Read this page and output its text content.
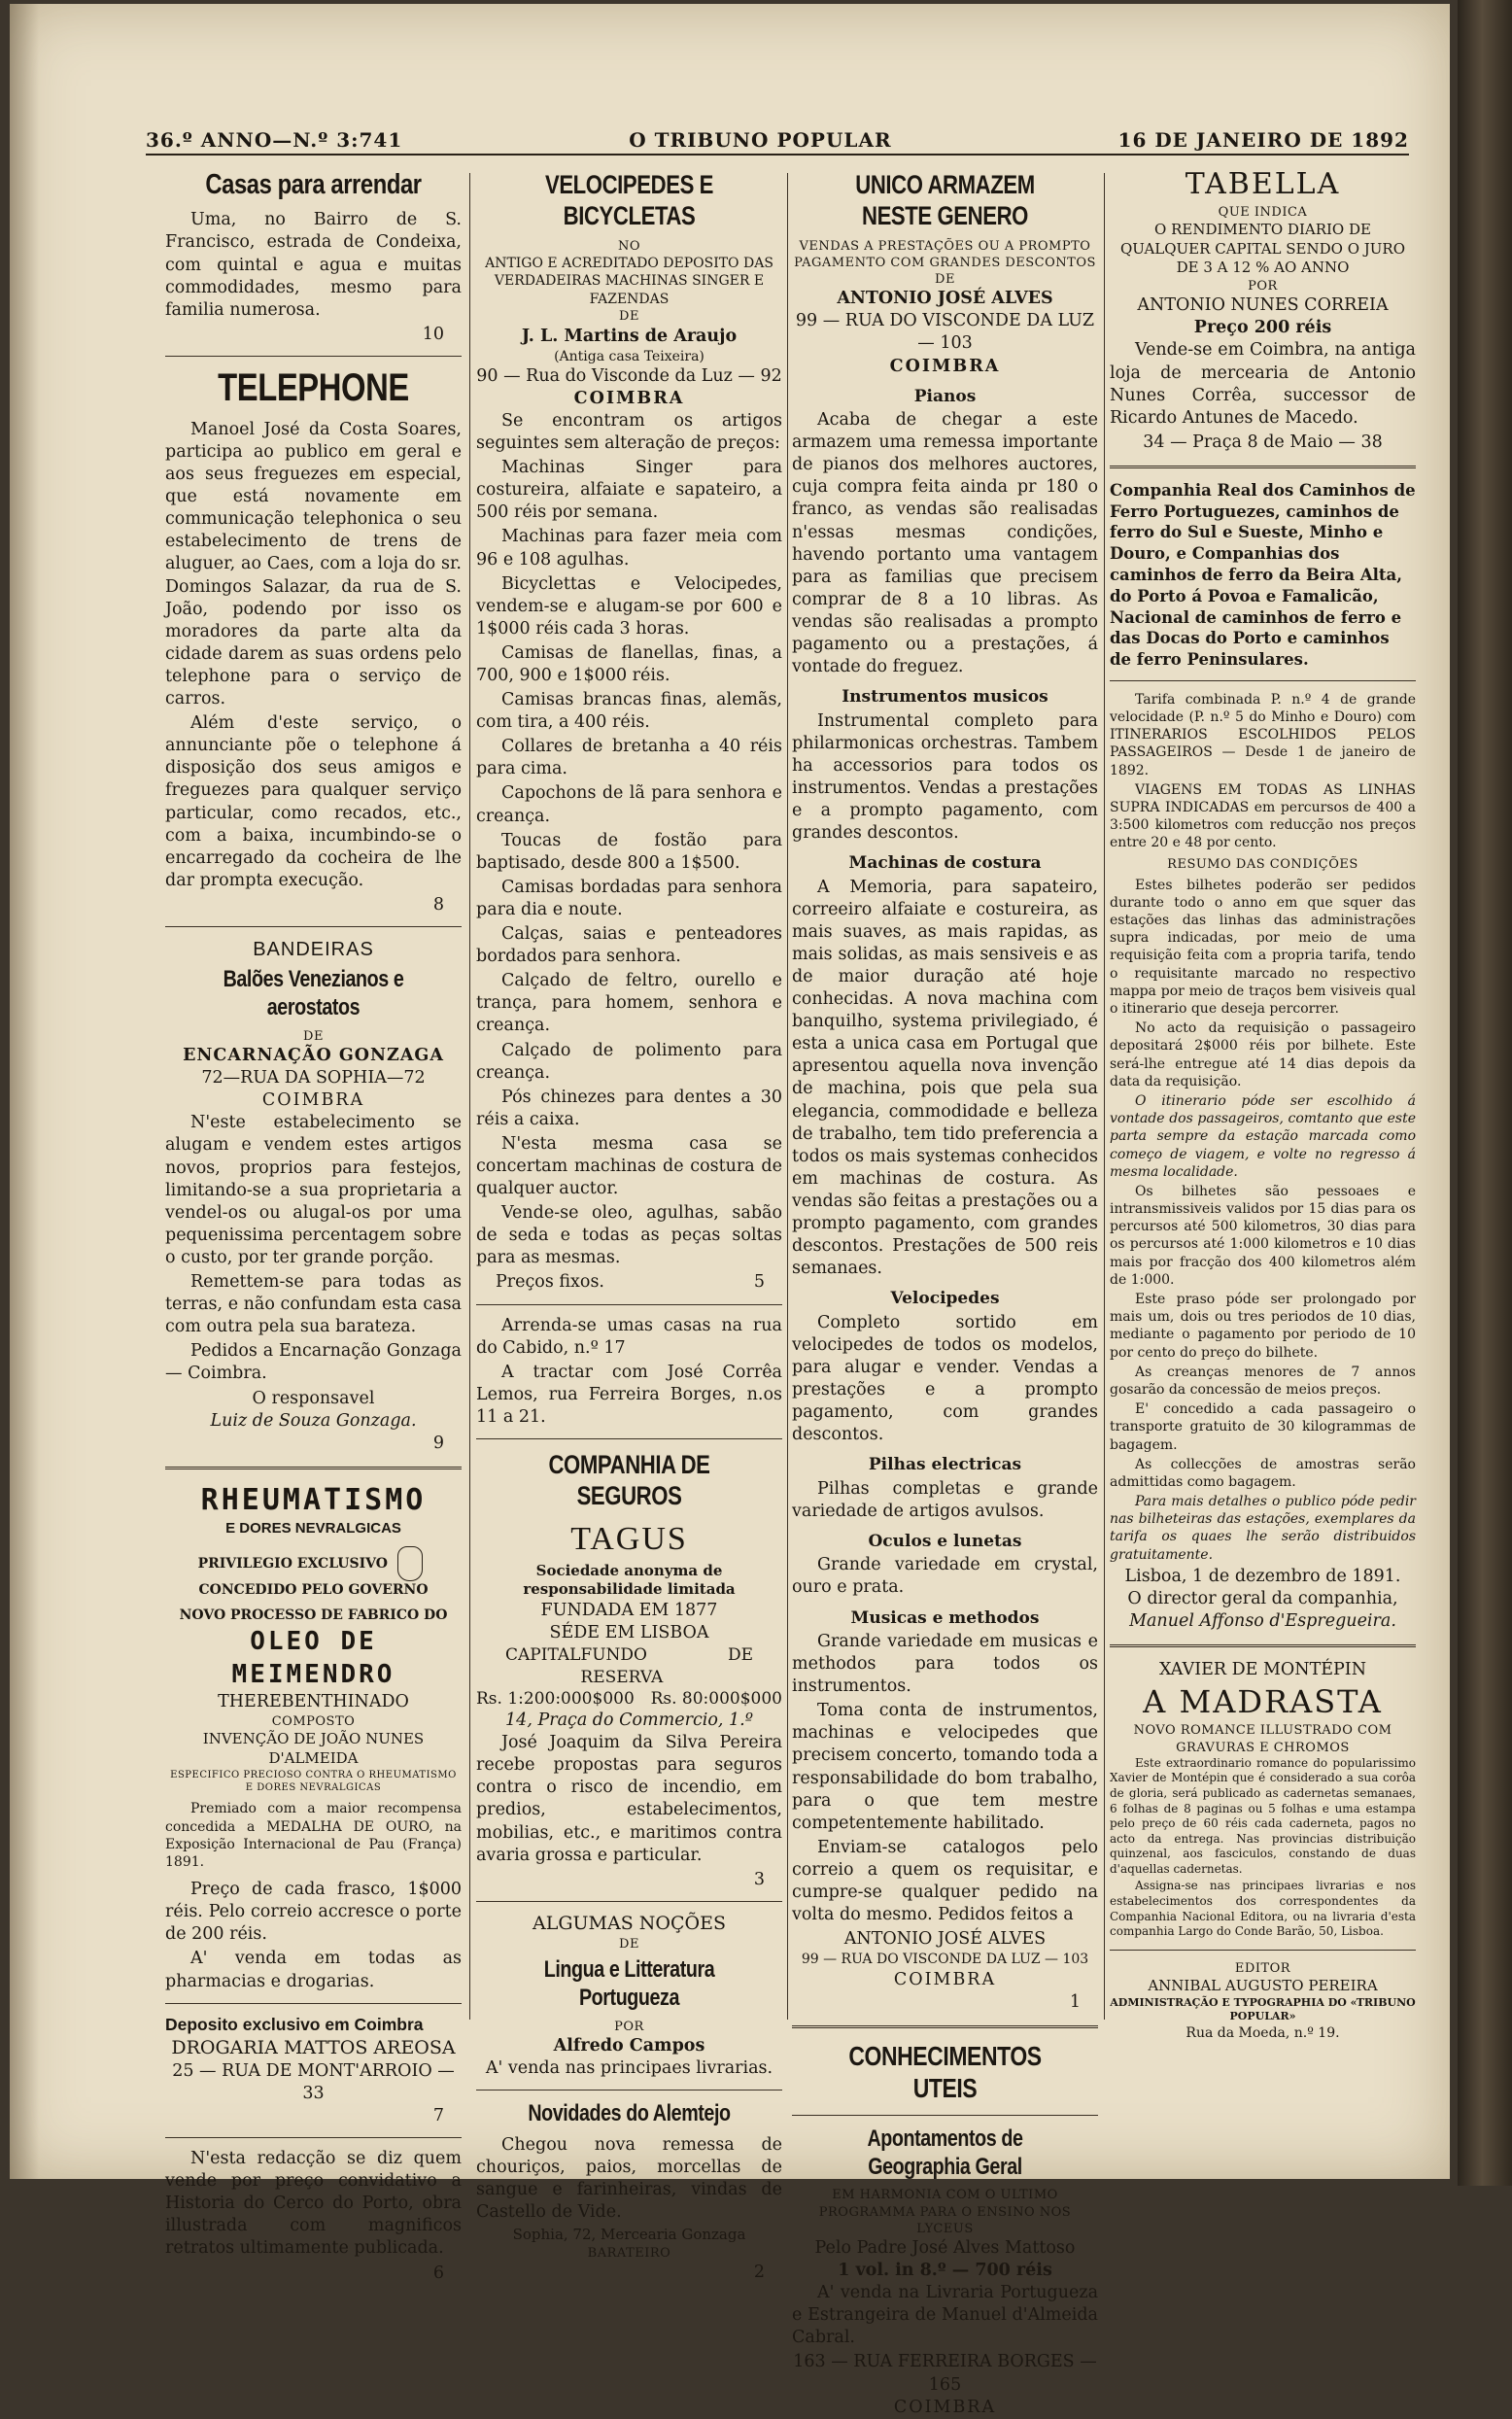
36.º ANNO—N.º 3:741	O TRIBUNO POPULAR	16 DE JANEIRO DE 1892
Casas para arrendar

Uma, no Bairro de S. Francisco, estrada de Condeixa, com quintal e agua e muitas commodidades, mesmo para familia numerosa.

10
TELEPHONE

Manoel José da Costa Soares, participa ao publico em geral e aos seus freguezes em especial, que está novamente em communicação telephonica o seu estabelecimento de trens de aluguer, ao Caes, com a loja do sr. Domingos Salazar, da rua de S. João, podendo por isso os moradores da parte alta da cidade darem as suas ordens pelo telephone para o serviço de carros.

Além d'este serviço, o annunciante põe o telephone á disposição dos seus amigos e freguezes para qualquer serviço particular, como recados, etc., com a baixa, incumbindo-se o encarregado da cocheira de lhe dar prompta execução.

8
BANDEIRAS
Balões Venezianos e aerostatos
DE
ENCARNAÇÃO GONZAGA
72—RUA DA SOPHIA—72
COIMBRA

N'este estabelecimento se alugam e vendem estes artigos novos, proprios para festejos, limitando-se a sua proprietaria a vendel-os ou alugal-os por uma pequenissima percentagem sobre o custo, por ter grande porção.

Remettem-se para todas as terras, e não confundam esta casa com outra pela sua barateza.

Pedidos a Encarnação Gonzaga — Coimbra.

O responsavel
Luiz de Souza Gonzaga.
9
RHEUMATISMO
E DORES NEVRALGICAS
PRIVILEGIO EXCLUSIVO  CONCEDIDO PELO GOVERNO
NOVO PROCESSO DE FABRICO DO
OLEO DE MEIMENDRO
THEREBENTHINADO
COMPOSTO
INVENÇÃO DE JOÃO NUNES D'ALMEIDA
ESPECIFICO PRECIOSO CONTRA O RHEUMATISMO E DORES NEVRALGICAS

Premiado com a maior recompensa concedida a MEDALHA DE OURO, na Exposição Internacional de Pau (França) 1891.

Preço de cada frasco, 1$000 réis. Pelo correio accresce o porte de 200 réis.

A' venda em todas as pharmacias e drogarias.

Deposito exclusivo em Coimbra
DROGARIA MATTOS AREOSA
25 — RUA DE MONT'ARROIO — 33
7

N'esta redacção se diz quem vende por preço convidativo a Historia do Cerco do Porto, obra illustrada com magnificos retratos ultimamente publicada.

6
VELOCIPEDES E BICYCLETAS
NO
ANTIGO E ACREDITADO DEPOSITO DAS VERDADEIRAS MACHINAS SINGER E FAZENDAS
DE
J. L. Martins de Araujo
(Antiga casa Teixeira)
90 — Rua do Visconde da Luz — 92
COIMBRA

Se encontram os artigos seguintes sem alteração de preços:

Machinas Singer para costureira, alfaiate e sapateiro, a 500 réis por semana.

Machinas para fazer meia com 96 e 108 agulhas.

Bicyclettas e Velocipedes, vendem-se e alugam-se por 600 e 1$000 réis cada 3 horas.

Camisas de flanellas, finas, a 700, 900 e 1$000 réis.

Camisas brancas finas, alemãs, com tira, a 400 réis.

Collares de bretanha a 40 réis para cima.

Capochons de lã para senhora e creança.

Toucas de fostão para baptisado, desde 800 a 1$500.

Camisas bordadas para senhora para dia e noute.

Calças, saias e penteadores bordados para senhora.

Calçado de feltro, ourello e trança, para homem, senhora e creança.

Calçado de polimento para creança.

Pós chinezes para dentes a 30 réis a caixa.

N'esta mesma casa se concertam machinas de costura de qualquer auctor.

Vende-se oleo, agulhas, sabão de seda e todas as peças soltas para as mesmas.

Preços fixos.	5

Arrenda-se umas casas na rua do Cabido, n.º 17

A tractar com José Corrêa Lemos, rua Ferreira Borges, n.os 11 a 21.

COMPANHIA DE SEGUROS
TAGUS
Sociedade anonyma de responsabilidade limitada
FUNDADA EM 1877
SÉDE EM LISBOA
CAPITAL FUNDO DE RESERVA
Rs. 1:200:000$000 Rs. 80:000$000
14, Praça do Commercio, 1.º

José Joaquim da Silva Pereira recebe propostas para seguros contra o risco de incendio, em predios, estabelecimentos, mobilias, etc., e maritimos contra avaria grossa e particular.

3
ALGUMAS NOÇÕES
DE
Lingua e Litteratura Portugueza
POR
Alfredo Campos
A' venda nas principaes livrarias.
Novidades do Alemtejo

Chegou nova remessa de chouriços, paios, morcellas de sangue e farinheiras, vindas de Castello de Vide.

Sophia, 72, Mercearia Gonzaga
BARATEIRO
2
UNICO ARMAZEM NESTE GENERO
VENDAS A PRESTAÇÕES OU A PROMPTO PAGAMENTO COM GRANDES DESCONTOS
DE
ANTONIO JOSÉ ALVES
99 — RUA DO VISCONDE DA LUZ — 103
COIMBRA
Pianos

Acaba de chegar a este armazem uma remessa importante de pianos dos melhores auctores, cuja compra feita ainda pr 180 o franco, as vendas são realisadas n'essas mesmas condições, havendo portanto uma vantagem para as familias que precisem comprar de 8 a 10 libras. As vendas são realisadas a prompto pagamento ou a prestações, á vontade do freguez.

Instrumentos musicos

Instrumental completo para philarmonicas orchestras. Tambem ha accessorios para todos os instrumentos. Vendas a prestações e a prompto pagamento, com grandes descontos.

Machinas de costura

A Memoria, para sapateiro, correeiro alfaiate e costureira, as mais suaves, as mais rapidas, as mais solidas, as mais sensiveis e as de maior duração até hoje conhecidas. A nova machina com banquilho, systema privilegiado, é esta a unica casa em Portugal que apresentou aquella nova invenção de machina, pois que pela sua elegancia, commodidade e belleza de trabalho, tem tido preferencia a todos os mais systemas conhecidos em machinas de costura. As vendas são feitas a prestações ou a prompto pagamento, com grandes descontos. Prestações de 500 reis semanaes.

Velocipedes

Completo sortido em velocipedes de todos os modelos, para alugar e vender. Vendas a prestações e a prompto pagamento, com grandes descontos.

Pilhas electricas

Pilhas completas e grande variedade de artigos avulsos.

Oculos e lunetas

Grande variedade em crystal, ouro e prata.

Musicas e methodos

Grande variedade em musicas e methodos para todos os instrumentos.

Toma conta de instrumentos, machinas e velocipedes que precisem concerto, tomando toda a responsabilidade do bom trabalho, para o que tem mestre competentemente habilitado.

Enviam-se catalogos pelo correio a quem os requisitar, e cumpre-se qualquer pedido na volta do mesmo. Pedidos feitos a

ANTONIO JOSÉ ALVES
99 — RUA DO VISCONDE DA LUZ — 103
COIMBRA
1
CONHECIMENTOS UTEIS
Apontamentos de Geographia Geral
EM HARMONIA COM O ULTIMO PROGRAMMA PARA O ENSINO NOS LYCEUS
Pelo Padre José Alves Mattoso
1 vol. in 8.º — 700 réis

A' venda na Livraria Portugueza e Estrangeira de Manuel d'Almeida Cabral.

163 — RUA FERREIRA BORGES — 165
COIMBRA
TABELLA
QUE INDICA
O RENDIMENTO DIARIO DE QUALQUER CAPITAL SENDO O JURO DE 3 A 12 % AO ANNO
POR
ANTONIO NUNES CORREIA
Preço 200 réis

Vende-se em Coimbra, na antiga loja de mercearia de Antonio Nunes Corrêa, successor de Ricardo Antunes de Macedo.

34 — Praça 8 de Maio — 38
Companhia Real dos Caminhos de Ferro Portuguezes, caminhos de ferro do Sul e Sueste, Minho e Douro, e Companhias dos caminhos de ferro da Beira Alta, do Porto á Povoa e Famalicão, Nacional de caminhos de ferro e das Docas do Porto e caminhos de ferro Peninsulares.

Tarifa combinada P. n.º 4 de grande velocidade (P. n.º 5 do Minho e Douro) com ITINERARIOS ESCOLHIDOS PELOS PASSAGEIROS — Desde 1 de janeiro de 1892.

VIAGENS EM TODAS AS LINHAS SUPRA INDICADAS em percursos de 400 a 3:500 kilometros com reducção nos preços entre 20 e 48 por cento.

RESUMO DAS CONDIÇÕES

Estes bilhetes poderão ser pedidos durante todo o anno em que squer das estações das linhas das administrações supra indicadas, por meio de uma requisição feita com a propria tarifa, tendo o requisitante marcado no respectivo mappa por meio de traços bem visiveis qual o itinerario que deseja percorrer.

No acto da requisição o passageiro depositará 2$000 réis por bilhete. Este será-lhe entregue até 14 dias depois da data da requisição.

O itinerario póde ser escolhido á vontade dos passageiros, comtanto que este parta sempre da estação marcada como começo de viagem, e volte no regresso á mesma localidade.

Os bilhetes são pessoaes e intransmissiveis validos por 15 dias para os percursos até 500 kilometros, 30 dias para os percursos até 1:000 kilometros e 10 dias mais por fracção dos 400 kilometros além de 1:000.

Este praso póde ser prolongado por mais um, dois ou tres periodos de 10 dias, mediante o pagamento por periodo de 10 por cento do preço do bilhete.

As creanças menores de 7 annos gosarão da concessão de meios preços.

E' concedido a cada passageiro o transporte gratuito de 30 kilogrammas de bagagem.

As collecções de amostras serão admittidas como bagagem.

Para mais detalhes o publico póde pedir nas bilheteiras das estações, exemplares da tarifa os quaes lhe serão distribuidos gratuitamente.

Lisboa, 1 de dezembro de 1891.
O director geral da companhia,
Manuel Affonso d'Espregueira.
XAVIER DE MONTÉPIN
A MADRASTA
NOVO ROMANCE ILLUSTRADO COM GRAVURAS E CHROMOS

Este extraordinario romance do popularissimo Xavier de Montépin que é considerado a sua corôa de gloria, será publicado as cadernetas semanaes, 6 folhas de 8 paginas ou 5 folhas e uma estampa pelo preço de 60 réis cada caderneta, pagos no acto da entrega. Nas provincias distribuição quinzenal, aos fasciculos, constando de duas d'aquellas cadernetas.

Assigna-se nas principaes livrarias e nos estabelecimentos dos correspondentes da Companhia Nacional Editora, ou na livraria d'esta companhia Largo do Conde Barão, 50, Lisboa.

EDITOR
ANNIBAL AUGUSTO PEREIRA
ADMINISTRAÇÃO E TYPOGRAPHIA DO «TRIBUNO POPULAR»
Rua da Moeda, n.º 19.
